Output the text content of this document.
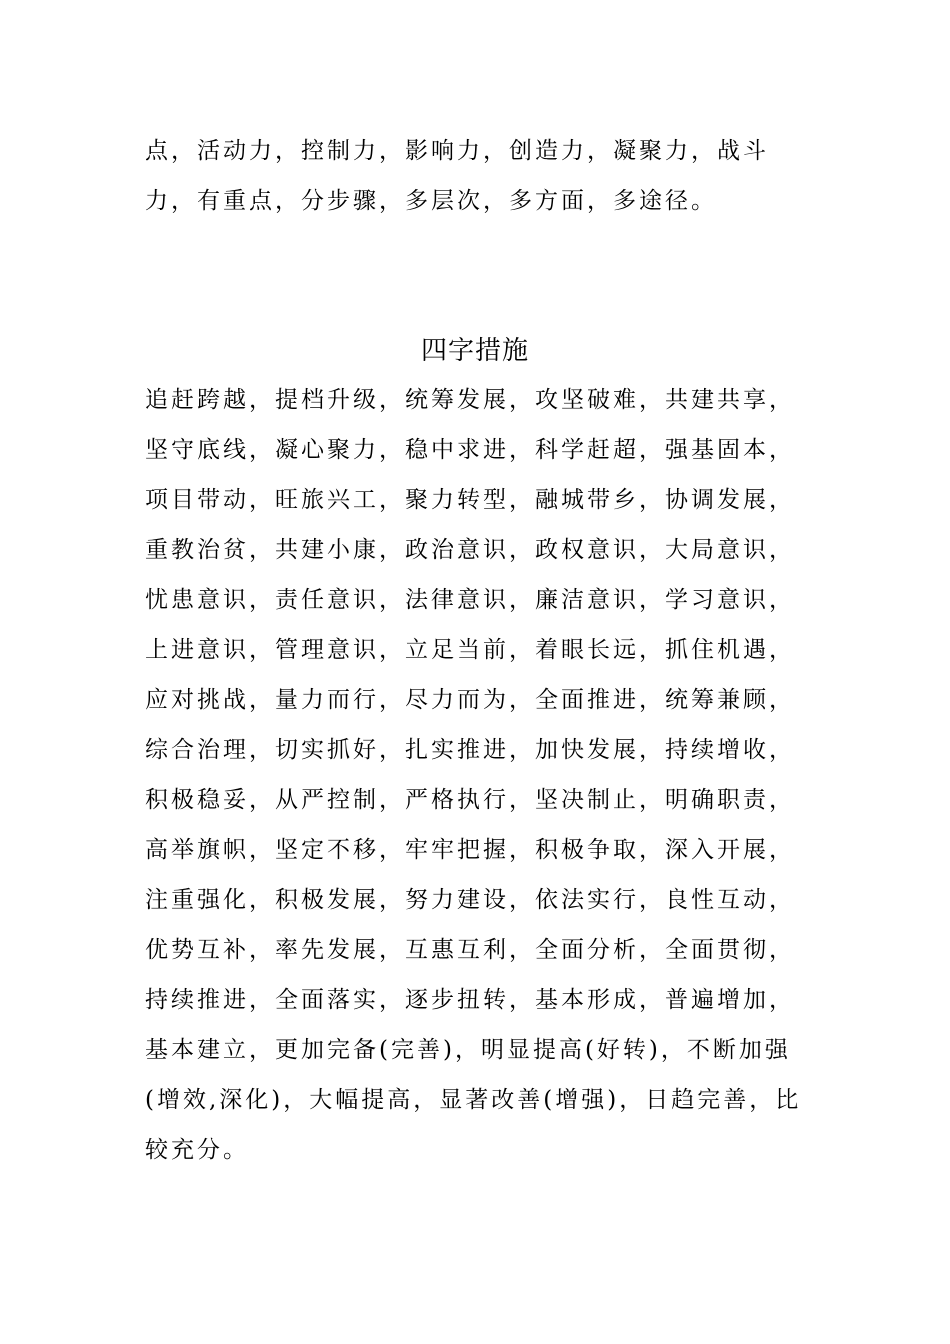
点，活动力，控制力，影响力，创造力，凝聚力，战斗
力，有重点，分步骤，多层次，多方面，多途径。
四字措施
追赶跨越，提档升级，统筹发展，攻坚破难，共建共享，
坚守底线，凝心聚力，稳中求进，科学赶超，强基固本，
项目带动，旺旅兴工，聚力转型，融城带乡，协调发展，
重教治贫，共建小康，政治意识，政权意识，大局意识，
忧患意识，责任意识，法律意识，廉洁意识，学习意识，
上进意识，管理意识，立足当前，着眼长远，抓住机遇，
应对挑战，量力而行，尽力而为，全面推进，统筹兼顾，
综合治理，切实抓好，扎实推进，加快发展，持续增收，
积极稳妥，从严控制，严格执行，坚决制止，明确职责，
高举旗帜，坚定不移，牢牢把握，积极争取，深入开展，
注重强化，积极发展，努力建设，依法实行，良性互动，
优势互补，率先发展，互惠互利，全面分析，全面贯彻，
持续推进，全面落实，逐步扭转，基本形成，普遍增加，
基本建立，更加完备(完善)，明显提高(好转)，不断加强
(增效,深化)，大幅提高，显著改善(增强)，日趋完善，比
较充分。
